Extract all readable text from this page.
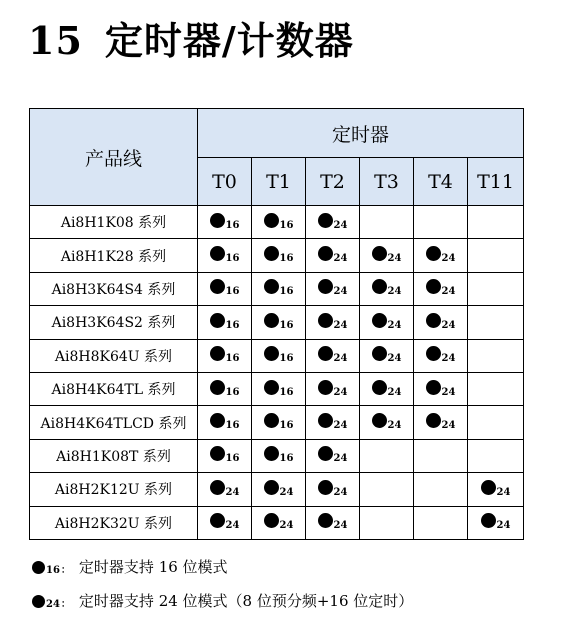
15 定时器/计数器
产品线	定时器					
	T0	T1	T2	T3	T4	T11
Ai8H1K08 系列	16	16	24			

Ai8H1K28 系列	16	16	24	24	24	

Ai8H3K64S4 系列	16	16	24	24	24	

Ai8H3K64S2 系列	16	16	24	24	24	

Ai8H8K64U 系列	16	16	24	24	24	

Ai8H4K64TL 系列	16	16	24	24	24	

Ai8H4K64TLCD 系列	16	16	24	24	24	

Ai8H1K08T 系列	16	16	24			

Ai8H2K12U 系列	24	24	24			24

Ai8H2K32U 系列	24	24	24			24
16 ： 定时器支持 16 位模式
24 ： 定时器支持 24 位模式（8 位预分频+16 位定时）
